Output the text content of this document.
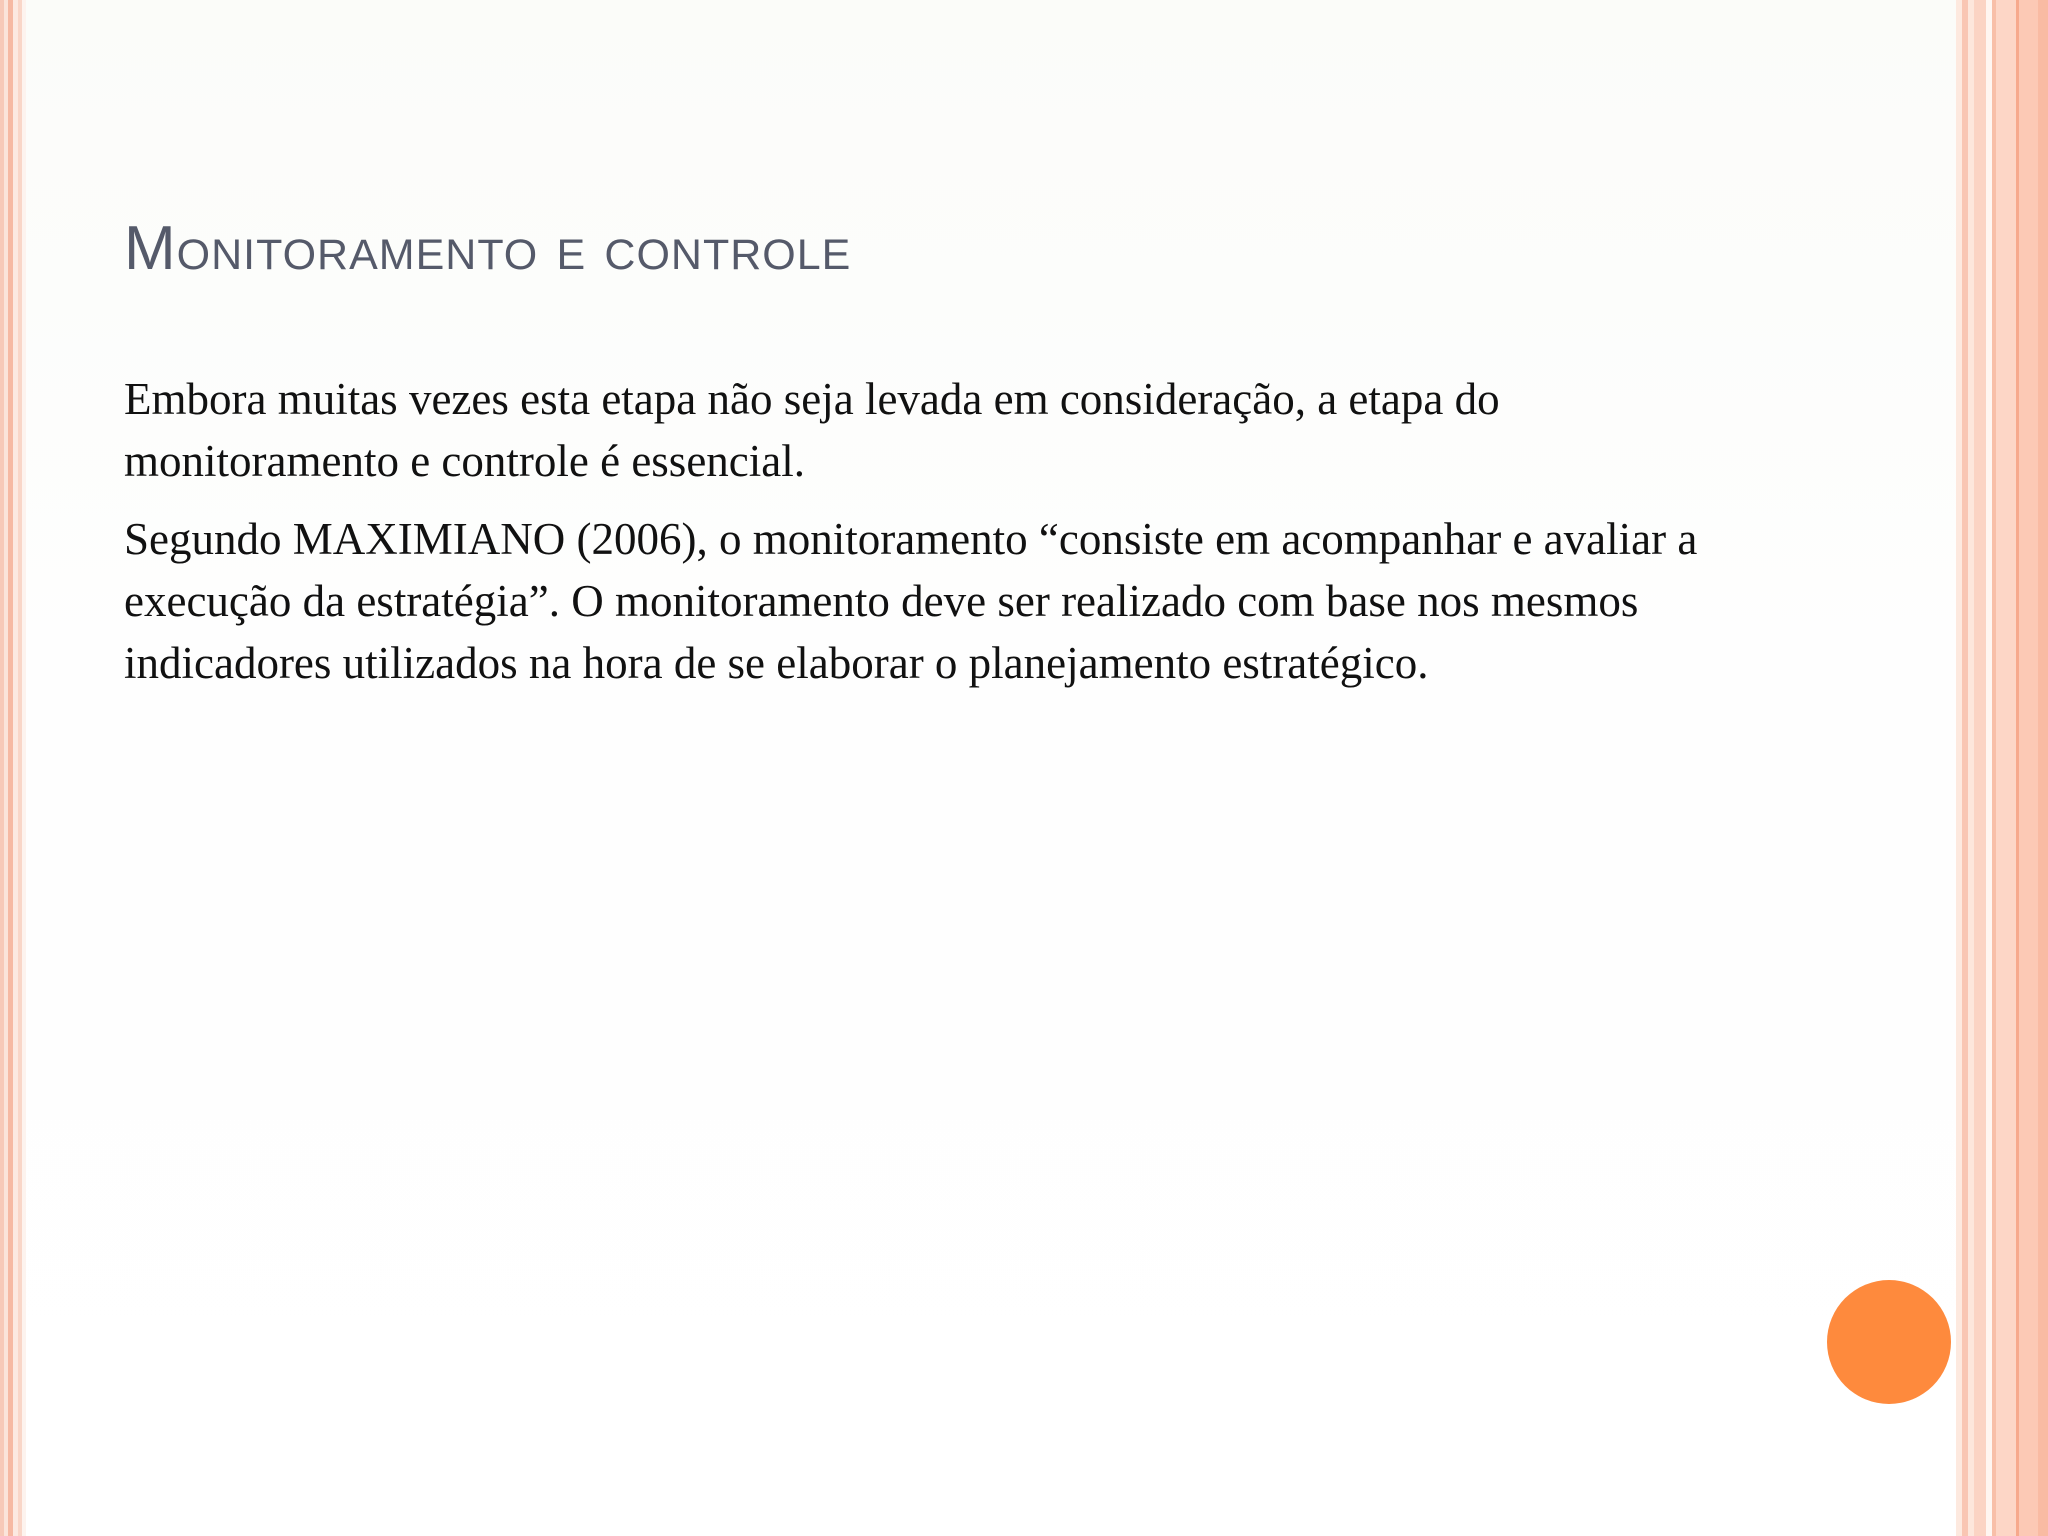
Monitoramento e controle

Embora muitas vezes esta etapa não seja levada em consideração, a etapa do monitoramento e controle é essencial.

Segundo MAXIMIANO (2006), o monitoramento “consiste em acompanhar e avaliar a execução da estratégia”. O monitoramento deve ser realizado com base nos mesmos indicadores utilizados na hora de se elaborar o planejamento estratégico.
